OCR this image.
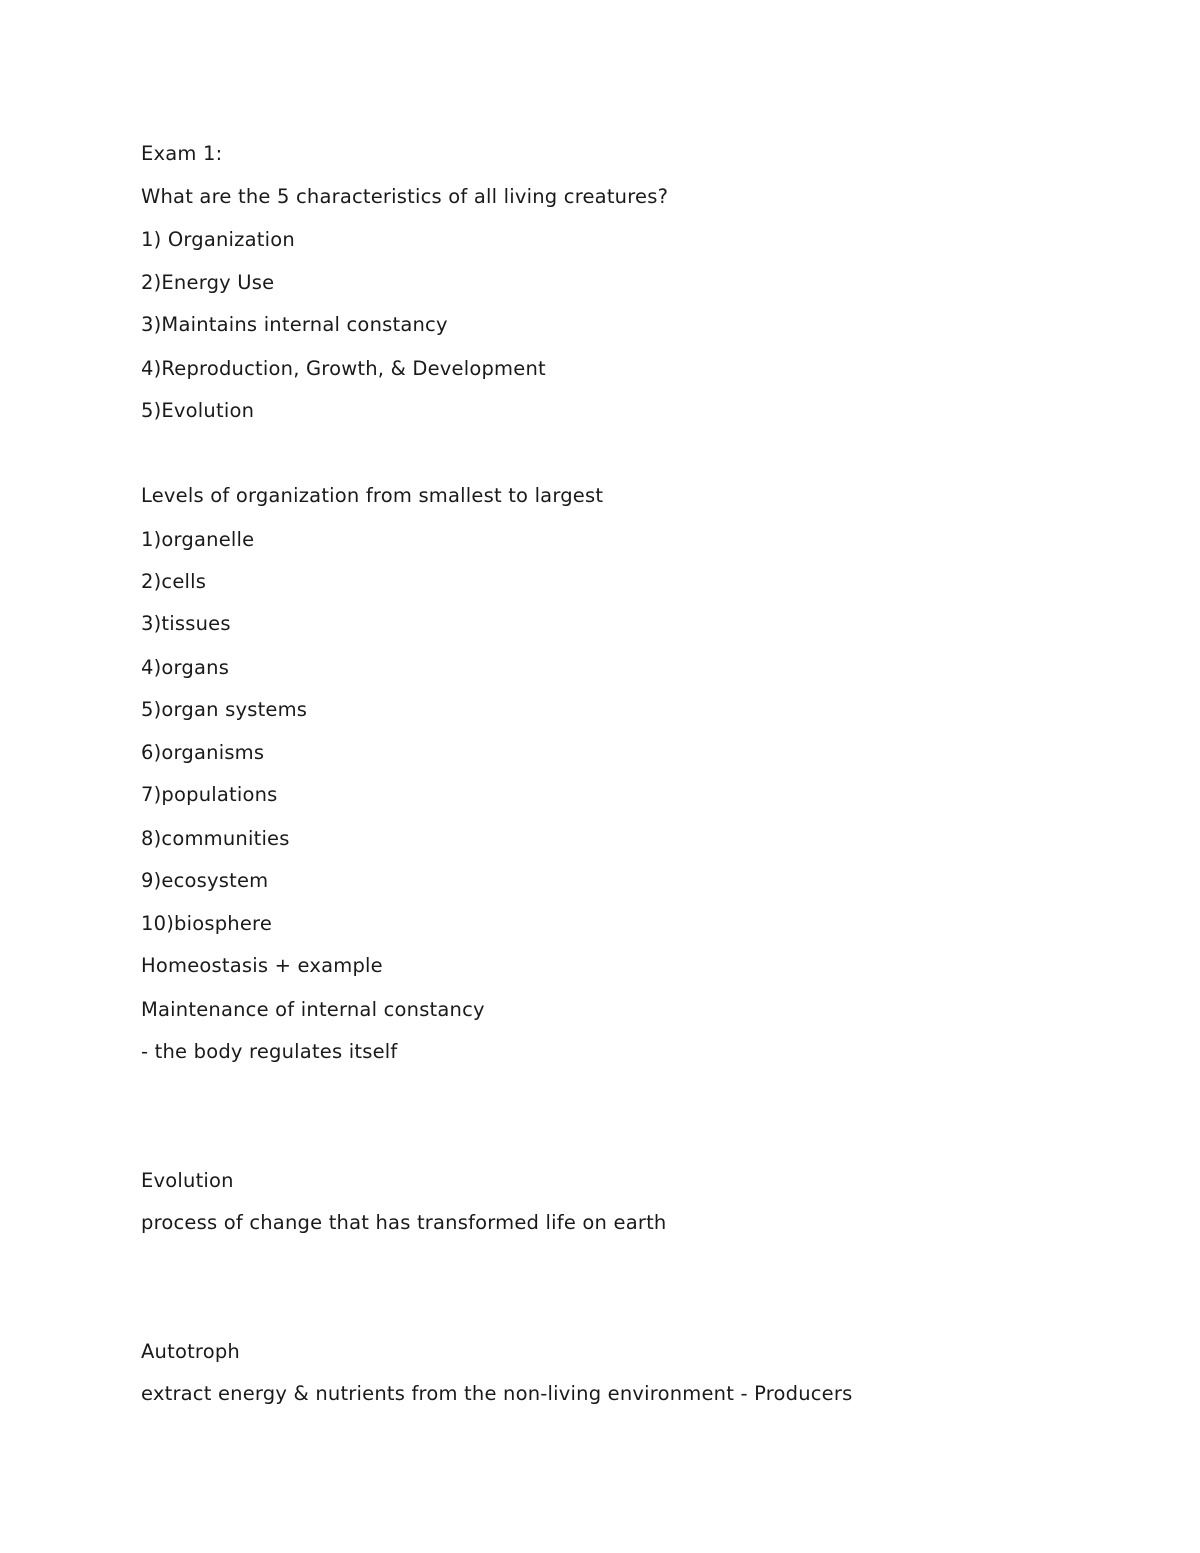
Exam 1:
What are the 5 characteristics of all living creatures?
1) Organization
2)Energy Use
3)Maintains internal constancy
4)Reproduction, Growth, & Development
5)Evolution
Levels of organization from smallest to largest
1)organelle
2)cells
3)tissues
4)organs
5)organ systems
6)organisms
7)populations
8)communities
9)ecosystem
10)biosphere
Homeostasis + example
Maintenance of internal constancy
- the body regulates itself
Evolution
process of change that has transformed life on earth
Autotroph
extract energy & nutrients from the non-living environment - Producers
